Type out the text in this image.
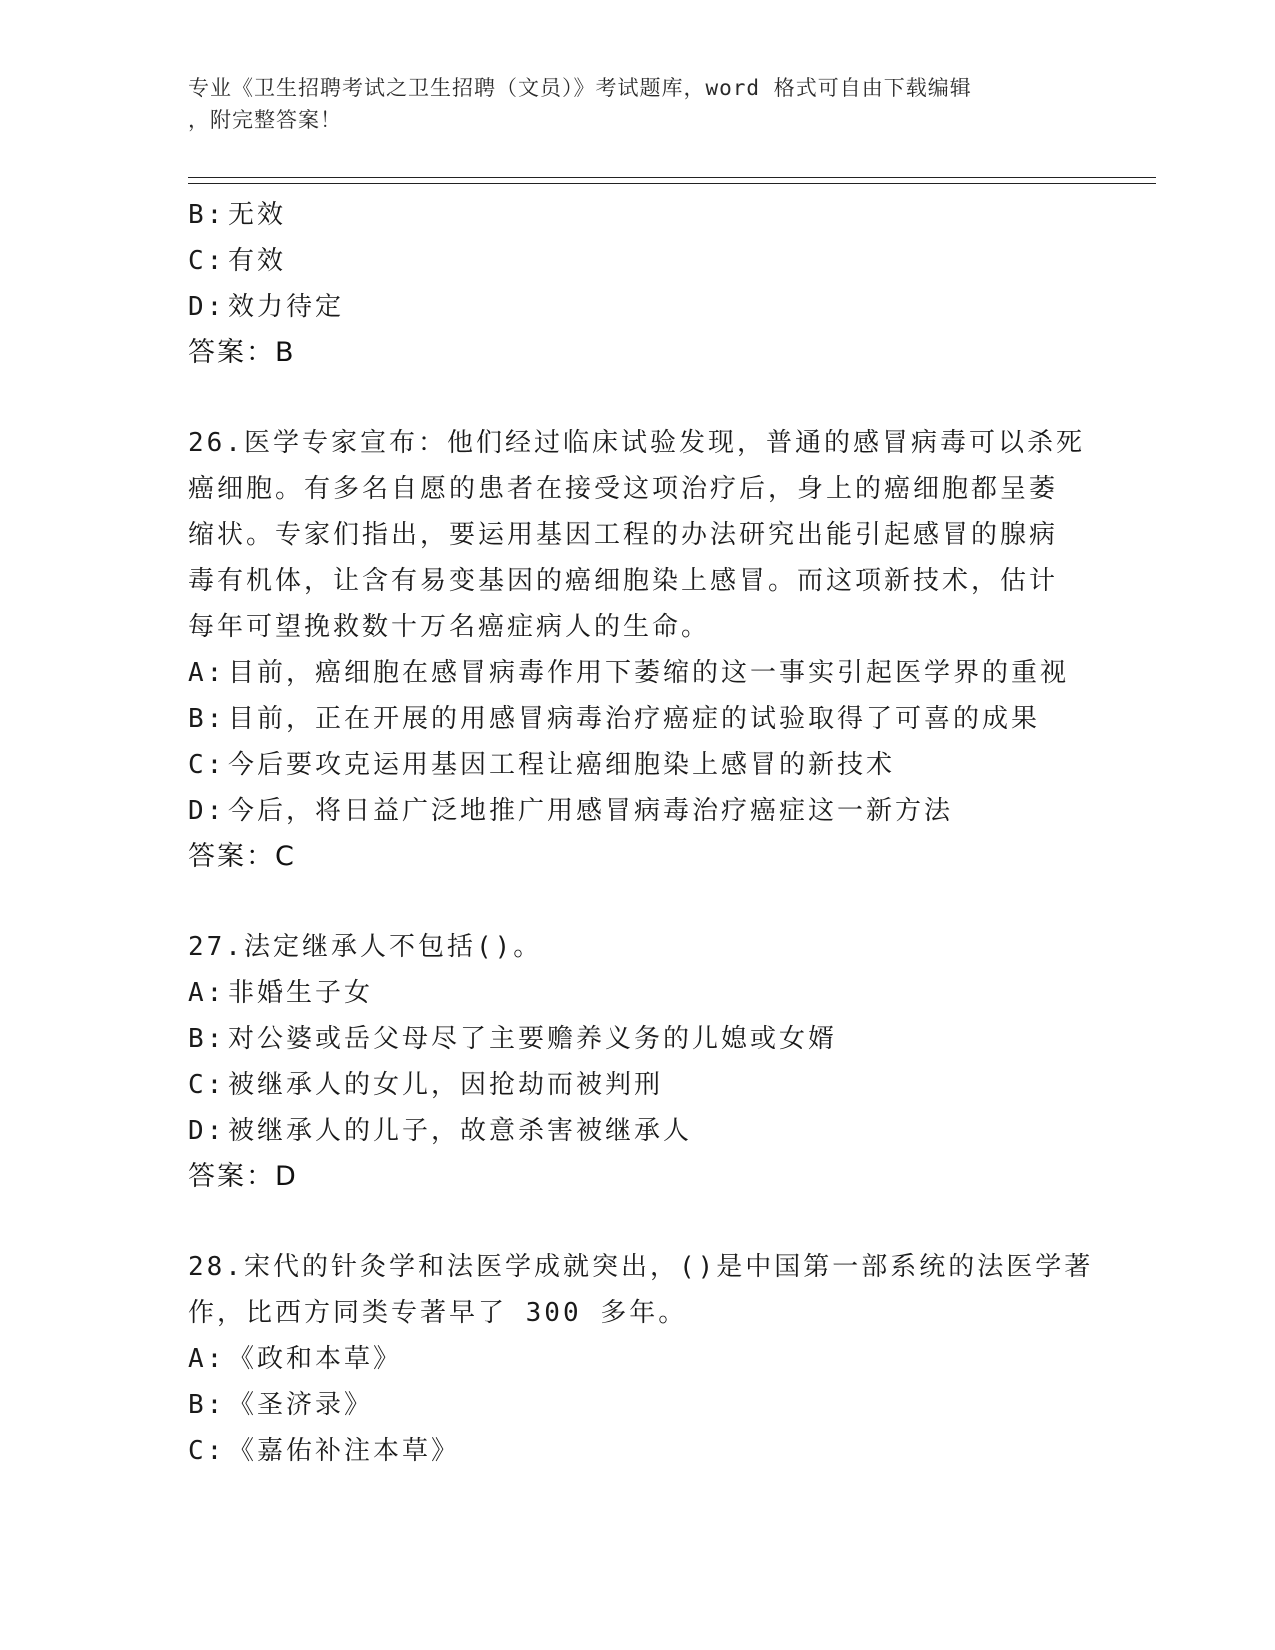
专业《卫生招聘考试之卫生招聘（文员）》考试题库，word 格式可自由下载编辑
，附完整答案！
B: 无效
C: 有效
D: 效力待定
答案：B
26.医学专家宣布：他们经过临床试验发现，普通的感冒病毒可以杀死
癌细胞。有多名自愿的患者在接受这项治疗后，身上的癌细胞都呈萎
缩状。专家们指出，要运用基因工程的办法研究出能引起感冒的腺病
毒有机体，让含有易变基因的癌细胞染上感冒。而这项新技术，估计
每年可望挽救数十万名癌症病人的生命。
A: 目前，癌细胞在感冒病毒作用下萎缩的这一事实引起医学界的重视
B: 目前，正在开展的用感冒病毒治疗癌症的试验取得了可喜的成果
C: 今后要攻克运用基因工程让癌细胞染上感冒的新技术
D: 今后，将日益广泛地推广用感冒病毒治疗癌症这一新方法
答案：C
27.法定继承人不包括()。
A: 非婚生子女
B: 对公婆或岳父母尽了主要赡养义务的儿媳或女婿
C: 被继承人的女儿，因抢劫而被判刑
D: 被继承人的儿子，故意杀害被继承人
答案：D
28.宋代的针灸学和法医学成就突出，()是中国第一部系统的法医学著
作，比西方同类专著早了 300 多年。
A: 《政和本草》
B: 《圣济录》
C: 《嘉佑补注本草》
